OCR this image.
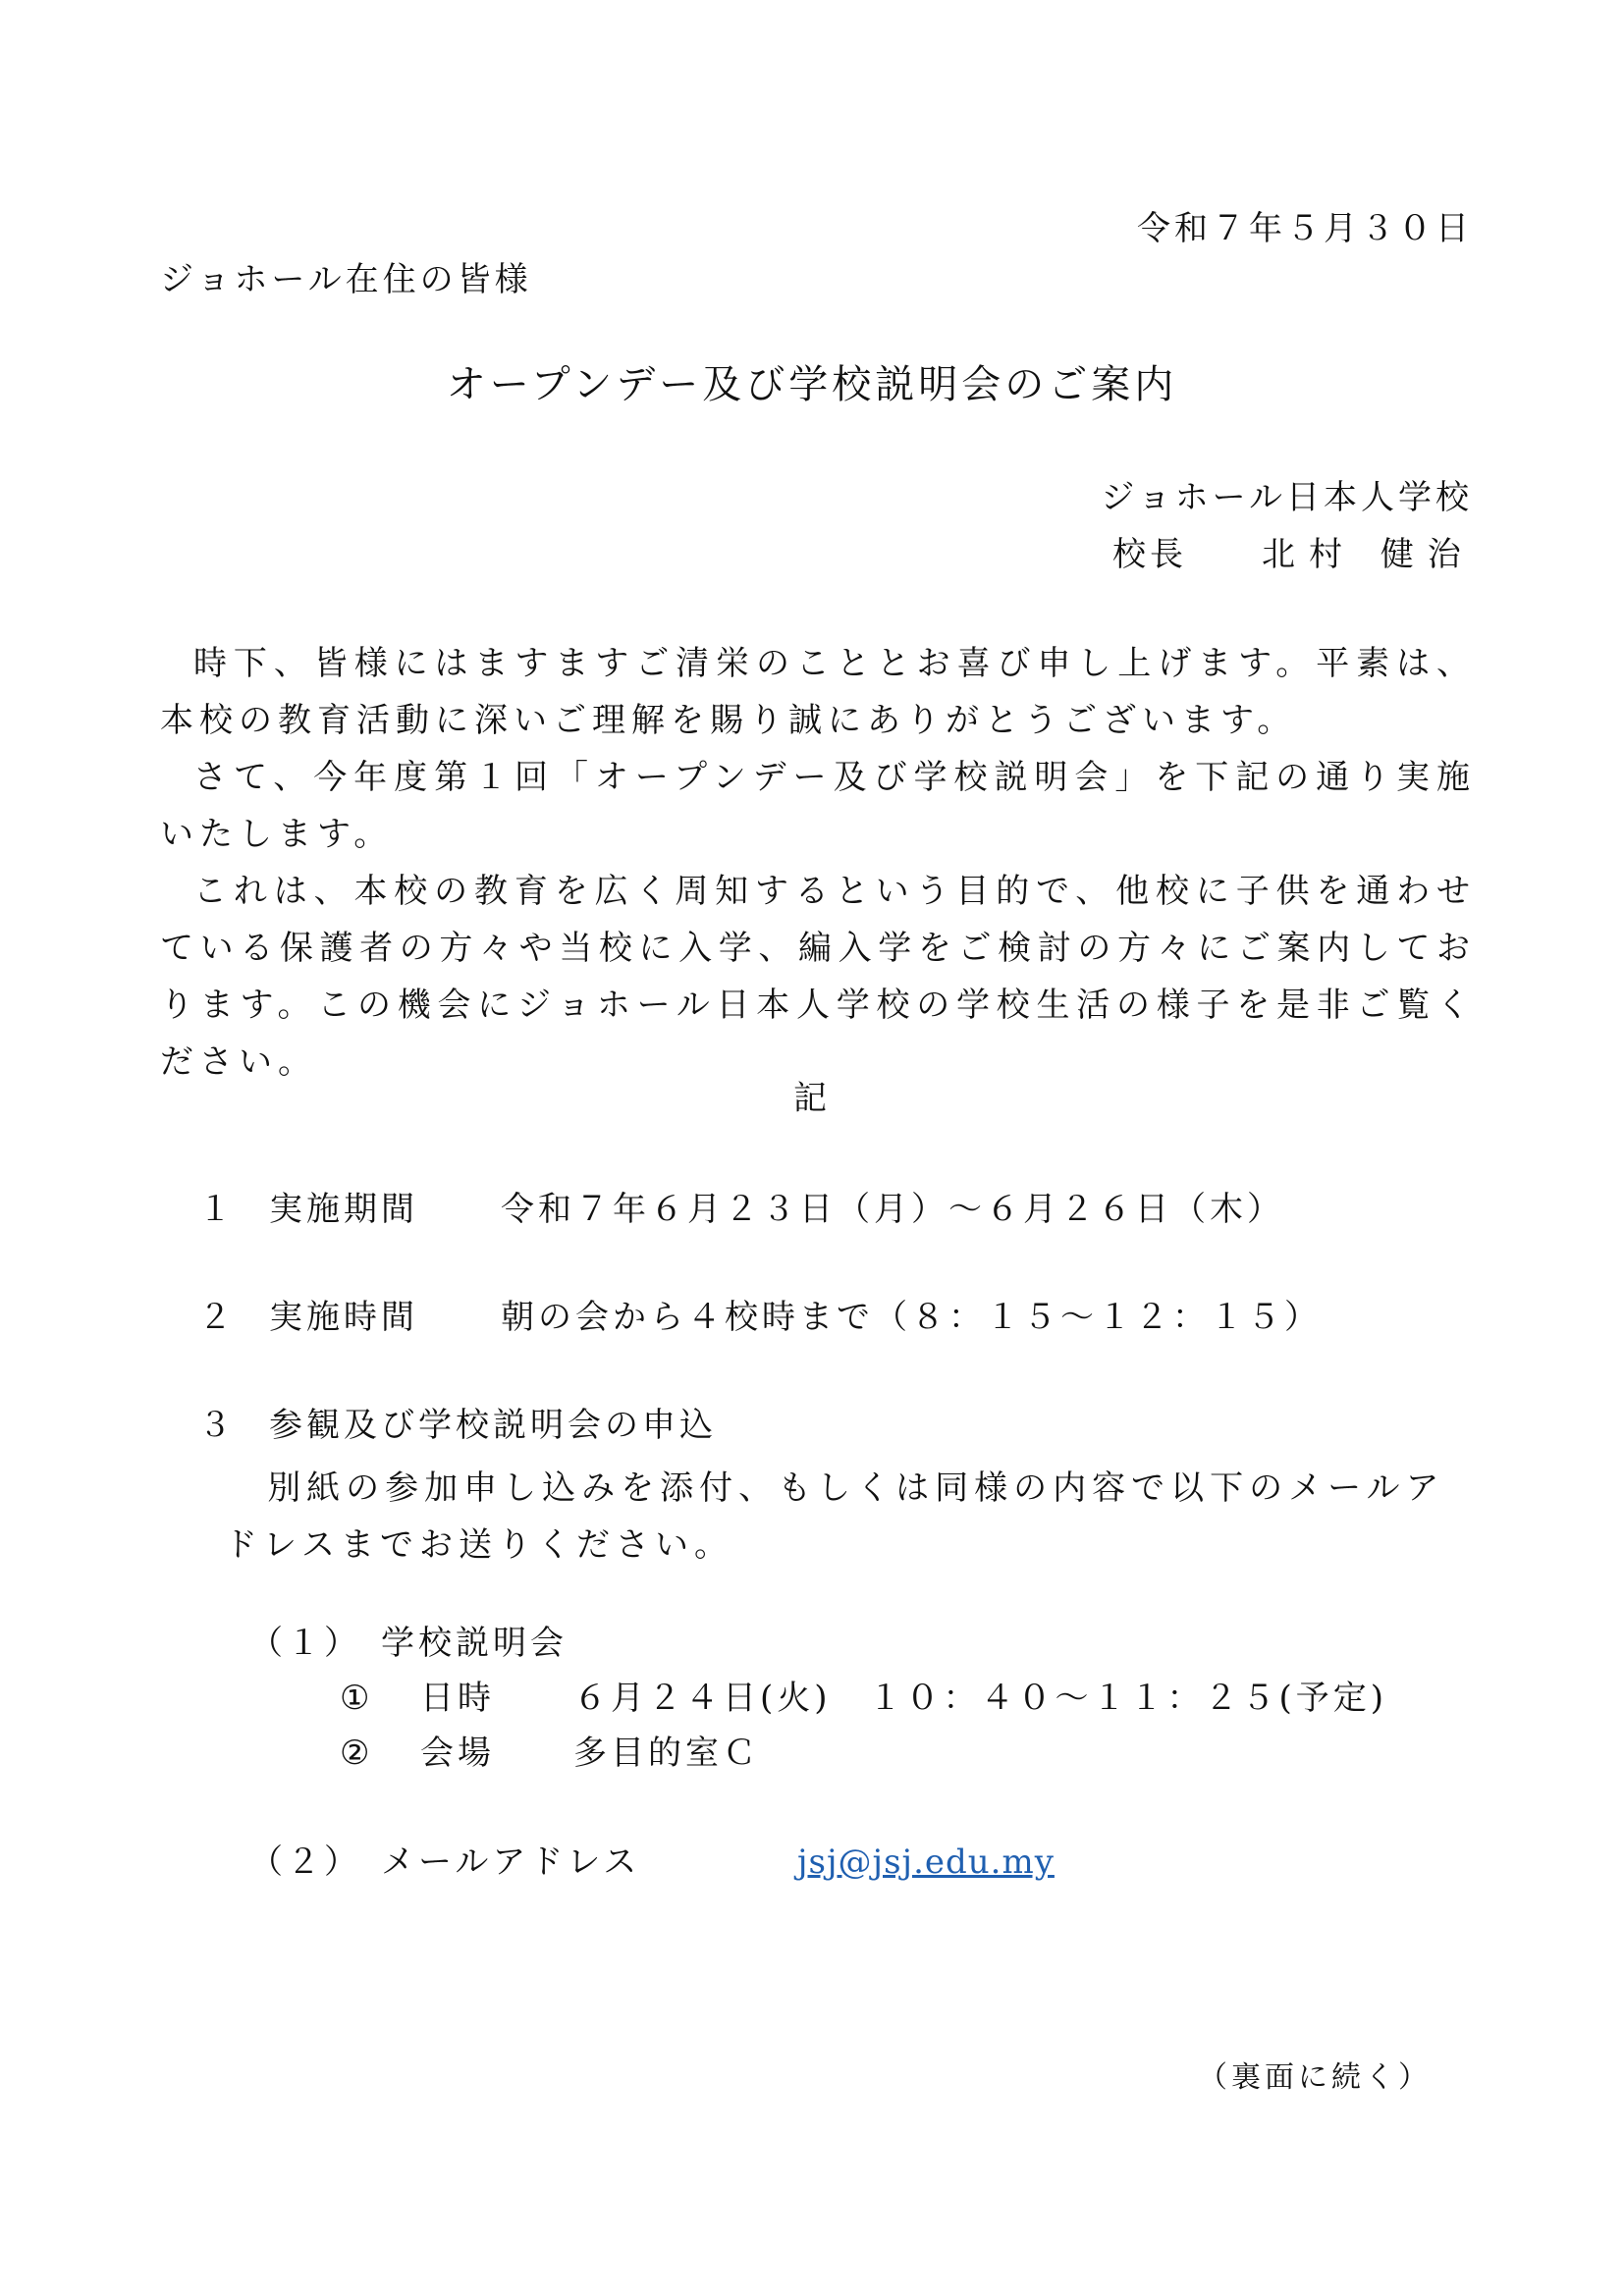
令和７年５月３０日
ジョホール在住の皆様
オープンデー及び学校説明会のご案内
ジョホール日本人学校
校長 北村 健治

時下、皆様にはますますご清栄のこととお喜び申し上げます。平素は、本校の教育活動に深いご理解を賜り誠にありがとうございます。

さて、今年度第１回「オープンデー及び学校説明会」を下記の通り実施いたします。

これは、本校の教育を広く周知するという目的で、他校に子供を通わせている保護者の方々や当校に入学、編入学をご検討の方々にご案内しております。この機会にジョホール日本人学校の学校生活の様子を是非ご覧ください。

記
１ 実施期間 令和７年６月２３日（月）～６月２６日（木）
２ 実施時間 朝の会から４校時まで（８：１５～１２：１５）
３ 参観及び学校説明会の申込

別紙の参加申し込みを添付、もしくは同様の内容で以下のメールアドレスまでお送りください。

（１） 学校説明会
① 日時 ６月２４日(火)　１０：４０～１１：２５(予定)
② 会場 多目的室Ｃ
（２） メールアドレス	jsj@jsj.edu.my
（裏面に続く）
